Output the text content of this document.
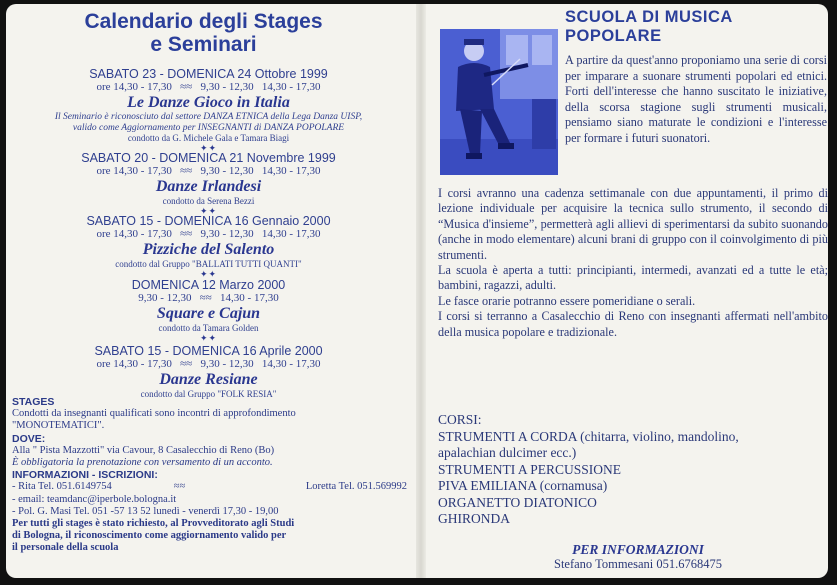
Calendario degli Stages
e Seminari
SABATO 23 - DOMENICA 24 Ottobre 1999
ore 14,30 - 17,30   ≈≈   9,30 - 12,30   14,30 - 17,30
Le Danze Gioco in Italia
Il Seminario è riconosciuto dal settore DANZA ETNICA della Lega Danza UISP,
valido come Aggiornamento per INSEGNANTI di DANZA POPOLARE
condotto da G. Michele Gala e Tamara Biagi
✦✦
SABATO 20 - DOMENICA 21 Novembre 1999
ore 14,30 - 17,30   ≈≈   9,30 - 12,30   14,30 - 17,30
Danze Irlandesi
condotto da Serena Bezzi
✦✦
SABATO 15 - DOMENICA 16 Gennaio 2000
ore 14,30 - 17,30   ≈≈   9,30 - 12,30   14,30 - 17,30
Pizziche del Salento
condotto dal Gruppo "BALLATI TUTTI QUANTI"
✦✦
DOMENICA 12 Marzo 2000
9,30 - 12,30   ≈≈   14,30 - 17,30
Square e Cajun
condotto da Tamara Golden
✦✦
SABATO 15 - DOMENICA 16 Aprile 2000
ore 14,30 - 17,30   ≈≈   9,30 - 12,30   14,30 - 17,30
Danze Resiane
condotto dal Gruppo "FOLK RESIA"
STAGES
Condotti da insegnanti qualificati sono incontri di approfondimento
"MONOTEMATICI".
DOVE:
Alla " Pista Mazzotti" via Cavour, 8 Casalecchio di Reno (Bo)
È obbligatoria la prenotazione con versamento di un acconto.
INFORMAZIONI - ISCRIZIONI:
- Rita Tel. 051.6149754	≈≈	Loretta Tel. 051.569992
- email: teamdanc@iperbole.bologna.it
- Pol. G. Masi Tel. 051 -57 13 52 lunedì - venerdì 17,30 - 19,00
Per tutti gli stages è stato richiesto, al Provveditorato agli Studi
di Bologna, il riconoscimento come aggiornamento valido per
il personale della scuola
SCUOLA DI MUSICA
POPOLARE
A partire da quest'anno proponiamo una serie di corsi per imparare a suonare strumenti popolari ed etnici. Forti dell'interesse che hanno suscitato le iniziative, della scorsa stagione sugli strumenti musicali, pensiamo siano maturate le condizioni e l'interesse per formare i futuri suonatori.

I corsi avranno una cadenza settimanale con due appuntamenti, il primo di lezione individuale per acquisire la tecnica sullo strumento, il secondo di “Musica d'insieme”, permetterà agli allievi di sperimentarsi da subito suonando (anche in modo elementare) alcuni brani di gruppo con il coinvolgimento di più strumenti.

La scuola è aperta a tutti: principianti, intermedi, avanzati ed a tutte le età; bambini, ragazzi, adulti.

Le fasce orarie potranno essere pomeridiane o serali.

I corsi si terranno a Casalecchio di Reno con insegnanti affermati nell'ambito della musica popolare e tradizionale.

CORSI:
STRUMENTI A CORDA (chitarra, violino, mandolino,
apalachian dulcimer ecc.)
STRUMENTI A PERCUSSIONE
PIVA EMILIANA (cornamusa)
ORGANETTO DIATONICO
GHIRONDA
PER INFORMAZIONI
Stefano Tommesani 051.6768475
